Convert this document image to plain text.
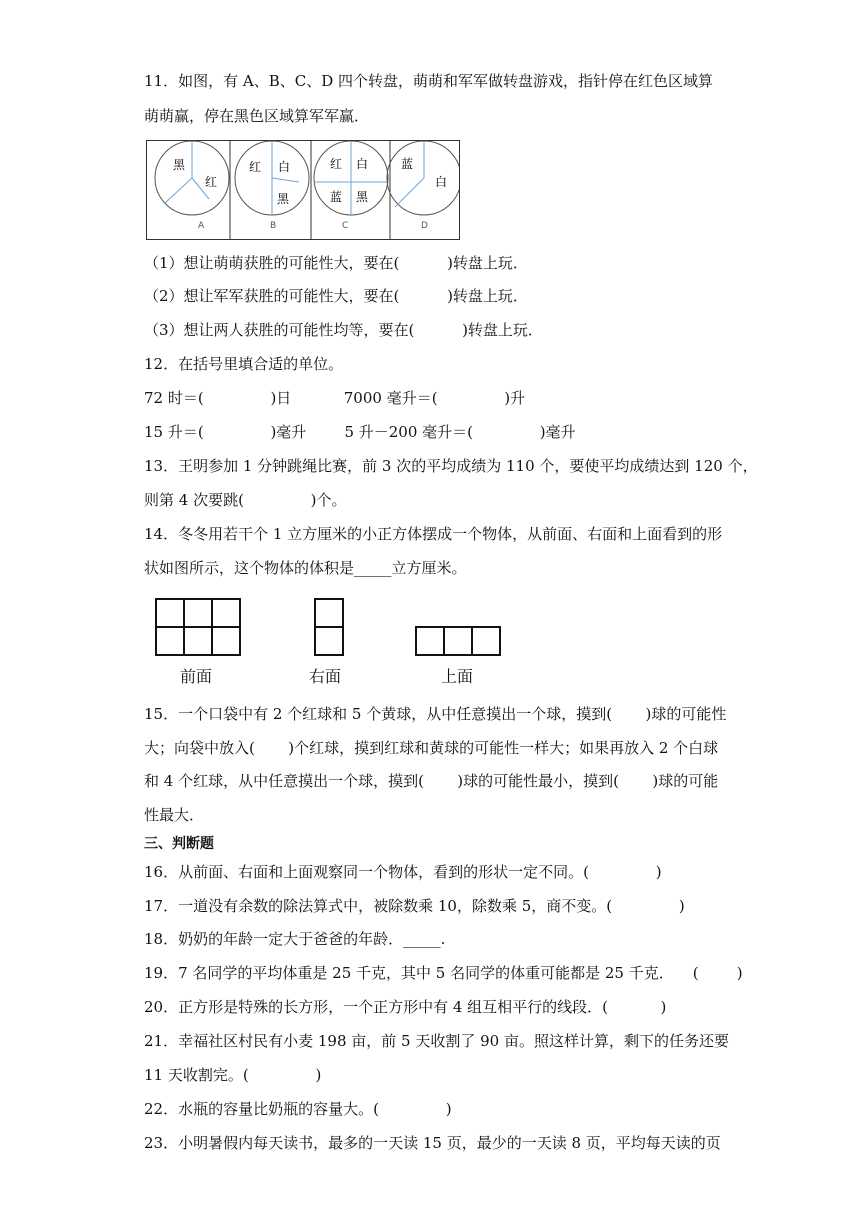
11．如图，有 A、B、C、D 四个转盘，萌萌和军军做转盘游戏，指针停在红色区域算
萌萌赢，停在黑色区域算军军赢．
黑
红
A
红 白
黑
B
红 白
蓝 黑
C
蓝
白
D
（1）想让萌萌获胜的可能性大，要在(          )转盘上玩．
（2）想让军军获胜的可能性大，要在(          )转盘上玩．
（3）想让两人获胜的可能性均等，要在(          )转盘上玩．
12．在括号里填合适的单位。
72 时＝(              )日           7000 毫升＝(              )升
15 升＝(              )毫升        5 升－200 毫升＝(              )毫升
13．王明参加 1 分钟跳绳比赛，前 3 次的平均成绩为 110 个，要使平均成绩达到 120 个，
则第 4 次要跳(              )个。
14．冬冬用若干个 1 立方厘米的小正方体摆成一个物体，从前面、右面和上面看到的形
状如图所示，这个物体的体积是_____立方厘米。
前面	右面	上面
15．一个口袋中有 2 个红球和 5 个黄球，从中任意摸出一个球，摸到(       )球的可能性
大；向袋中放入(       )个红球，摸到红球和黄球的可能性一样大；如果再放入 2 个白球
和 4 个红球，从中任意摸出一个球，摸到(       )球的可能性最小，摸到(       )球的可能
性最大．
三、判断题
16．从前面、右面和上面观察同一个物体，看到的形状一定不同。(              )
17．一道没有余数的除法算式中，被除数乘 10，除数乘 5，商不变。(              )
18．奶奶的年龄一定大于爸爸的年龄．_____.
19．7 名同学的平均体重是 25 千克，其中 5 名同学的体重可能都是 25 千克．    (        )
20．正方形是特殊的长方形，一个正方形中有 4 组互相平行的线段．(           )
21．幸福社区村民有小麦 198 亩，前 5 天收割了 90 亩。照这样计算，剩下的任务还要
11 天收割完。(              )
22．水瓶的容量比奶瓶的容量大。(              )
23．小明暑假内每天读书，最多的一天读 15 页，最少的一天读 8 页，平均每天读的页
